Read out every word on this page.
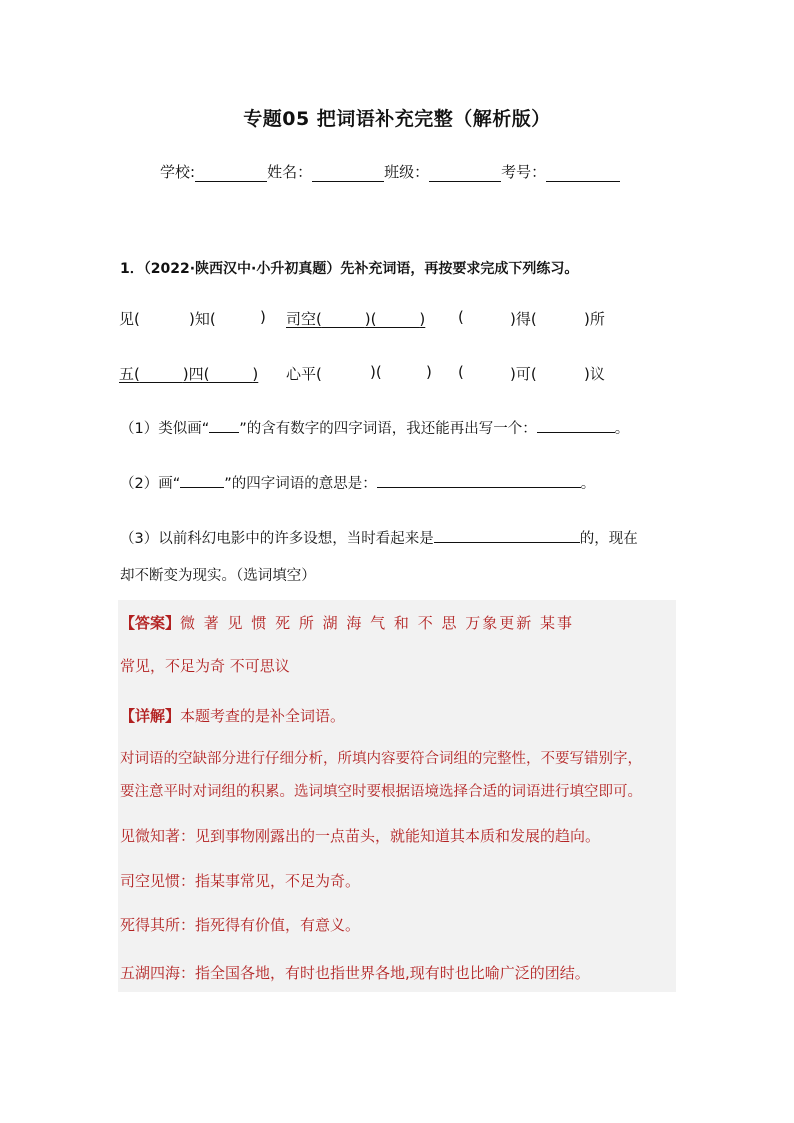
专题05 把词语补充完整（解析版）
学校:	姓名：	班级：	考号：
1．（2022·陕西汉中·小升初真题）先补充词语，再按要求完成下列练习。
见(	)知(	) 司空(	)(	) (	)得(	)所
五(	)四(	) 心平(	)(	) (	)可(	)议
（1）类似画“ ”的含有数字的四字词语，我还能再出写一个：	。
（2）画“	”的四字词语的意思是：	。
（3）以前科幻电影中的许多设想，当时看起来是	的，现在
却不断变为现实。（选词填空）
【答案】微 著 见 惯 死 所 湖 海 气 和 不 思 万象更新 某事
常见，不足为奇 不可思议
【详解】本题考查的是补全词语。
对词语的空缺部分进行仔细分析，所填内容要符合词组的完整性，不要写错别字，
要注意平时对词组的积累。选词填空时要根据语境选择合适的词语进行填空即可。
见微知著：见到事物刚露出的一点苗头，就能知道其本质和发展的趋向。
司空见惯：指某事常见，不足为奇。
死得其所：指死得有价值，有意义。
五湖四海：指全国各地，有时也指世界各地,现有时也比喻广泛的团结。
